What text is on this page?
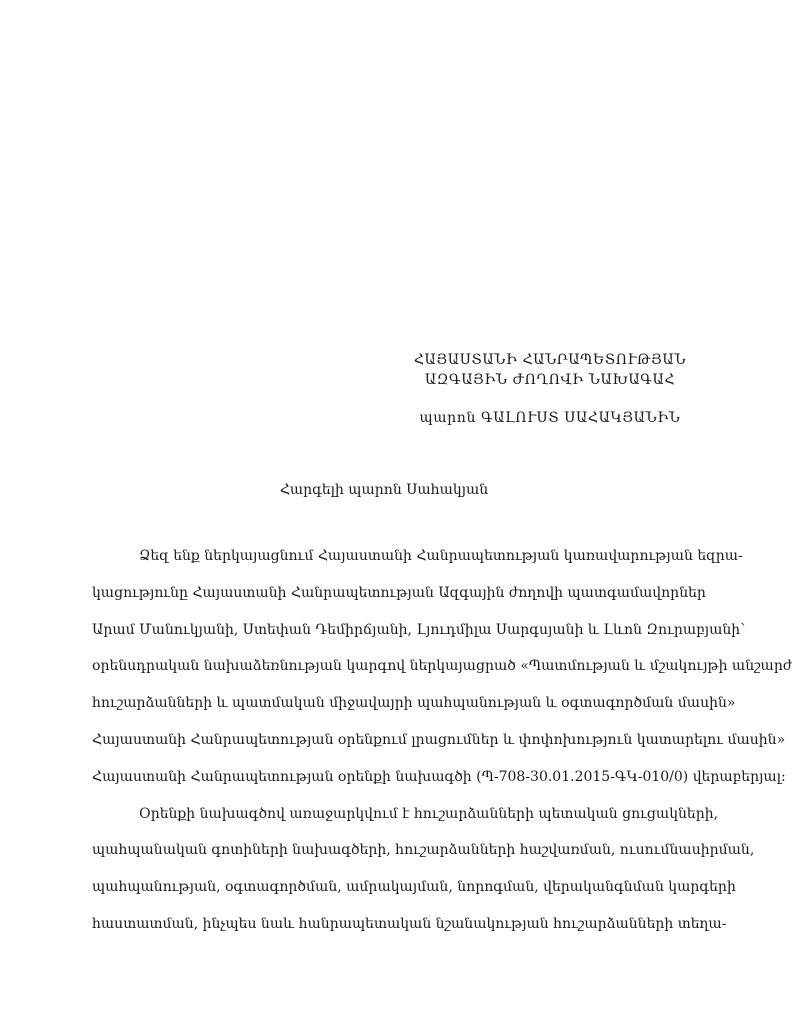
ՀԱՅԱՍՏԱՆԻ ՀԱՆՐԱՊԵՏՈՒԹՅԱՆ
ԱԶԳԱՅԻՆ ԺՈՂՈՎԻ ՆԱԽԱԳԱՀ
պարոն ԳԱԼՈՒՍՏ ՍԱՀԱԿՅԱՆԻՆ
Հարգելի պարոն Սահակյան
Ձեզ ենք ներկայացնում Հայաստանի Հանրապետության կառավարության եզրա-
կացությունը Հայաստանի Հանրապետության Ազգային ժողովի պատգամավորներ
Արամ Մանուկյանի, Ստեփան Դեմիրճյանի, Լյուդմիլա Սարգսյանի և Լևոն Զուրաբյանի՝
օրենսդրական նախաձեռնության կարգով ներկայացրած «Պատմության և մշակույթի անշարժ
հուշարձանների և պատմական միջավայրի պահպանության և օգտագործման մասին»
Հայաստանի Հանրապետության օրենքում լրացումներ և փոփոխություն կատարելու մասին»
Հայաստանի Հանրապետության օրենքի նախագծի (Պ-708-30.01.2015-ԳԿ-010/0) վերաբերյալ:
Օրենքի նախագծով առաջարկվում է հուշարձանների պետական ցուցակների,
պահպանական գոտիների նախագծերի, հուշարձանների հաշվառման, ուսումնասիրման,
պահպանության, օգտագործման, ամրակայման, նորոգման, վերականգնման կարգերի
հաստատման, ինչպես նաև հանրապետական նշանակության հուշարձանների տեղա-
